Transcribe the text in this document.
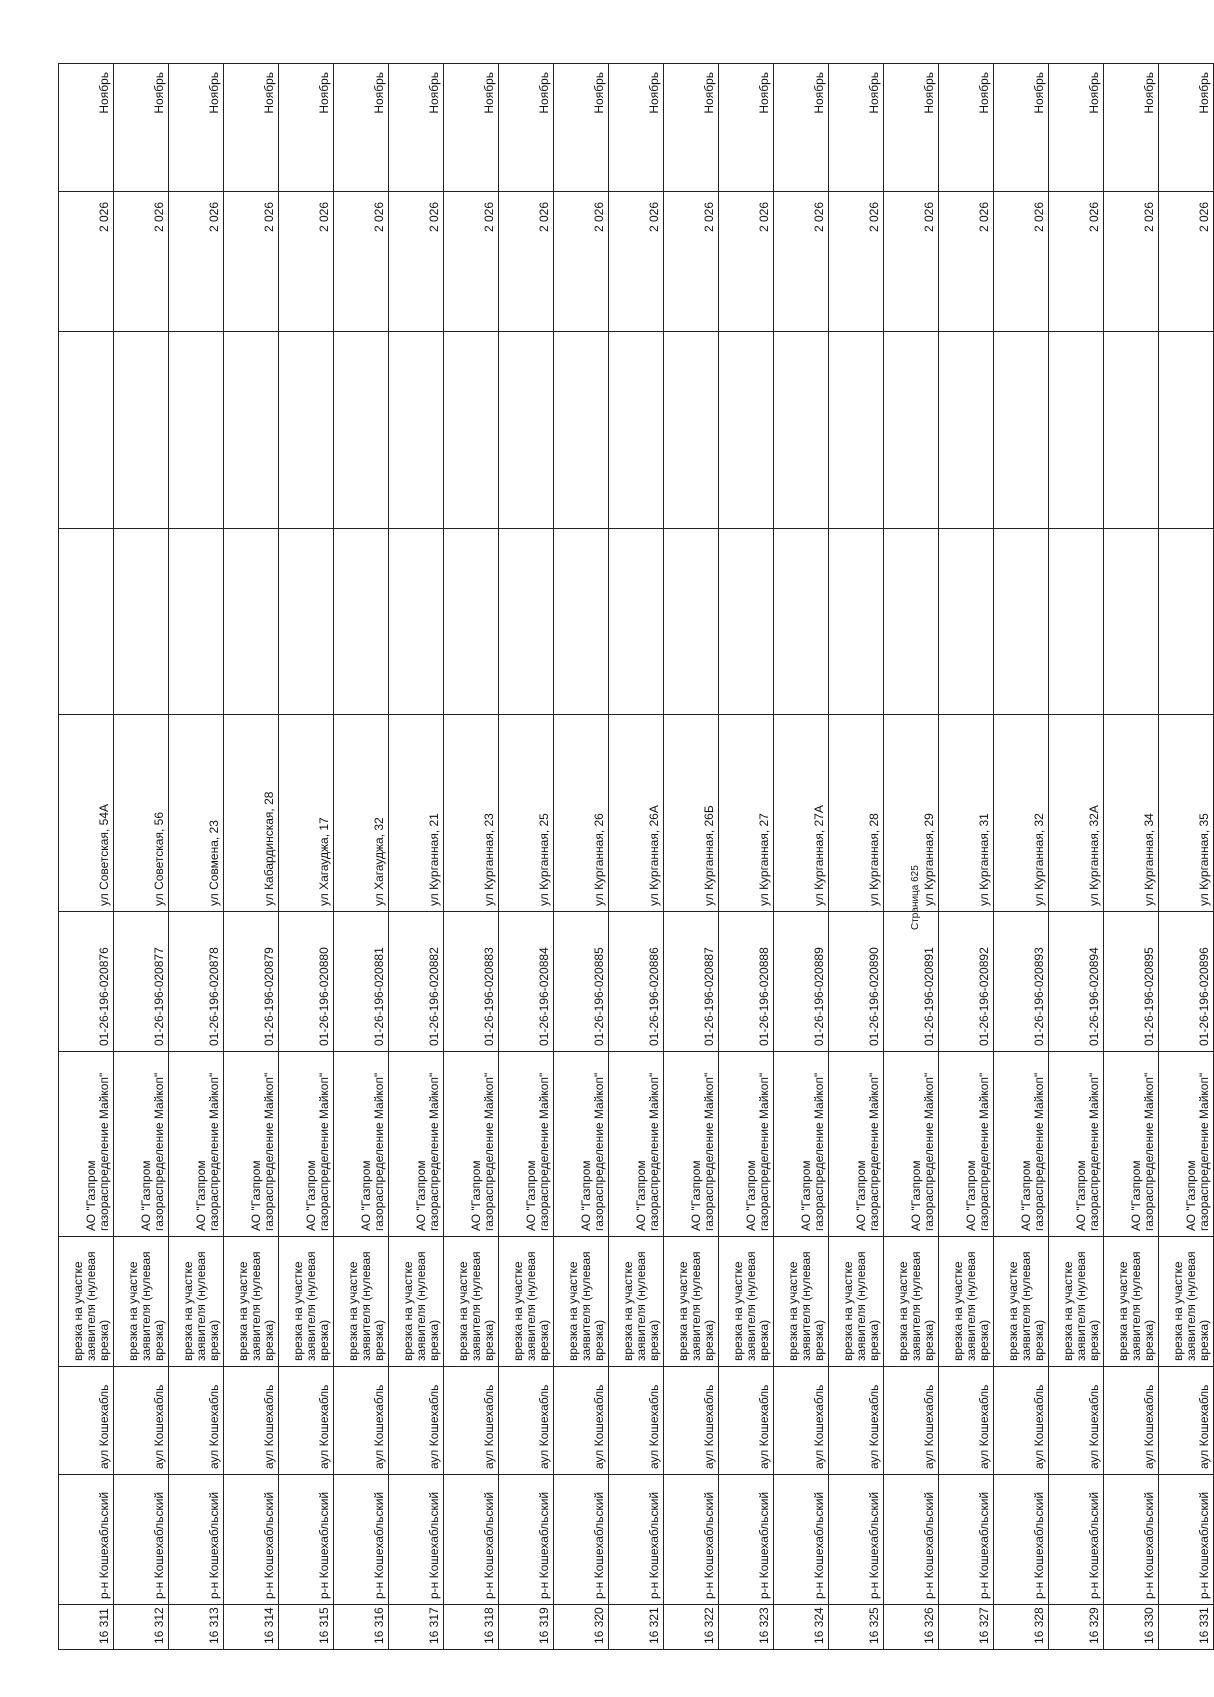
16 311	р-н Кошехабльский	аул Кошехабль	врезка на участке заявителя (нулевая врезка)	АО "Газпром газораспределение Майкоп"	01-26-196-020876	ул Советская, 54А			2 026	Ноябрь
16 312	р-н Кошехабльский	аул Кошехабль	врезка на участке заявителя (нулевая врезка)	АО "Газпром газораспределение Майкоп"	01-26-196-020877	ул Советская, 56			2 026	Ноябрь
16 313	р-н Кошехабльский	аул Кошехабль	врезка на участке заявителя (нулевая врезка)	АО "Газпром газораспределение Майкоп"	01-26-196-020878	ул Совмена, 23			2 026	Ноябрь
16 314	р-н Кошехабльский	аул Кошехабль	врезка на участке заявителя (нулевая врезка)	АО "Газпром газораспределение Майкоп"	01-26-196-020879	ул Кабардинская, 28			2 026	Ноябрь
16 315	р-н Кошехабльский	аул Кошехабль	врезка на участке заявителя (нулевая врезка)	АО "Газпром газораспределение Майкоп"	01-26-196-020880	ул Хагауджа, 17			2 026	Ноябрь
16 316	р-н Кошехабльский	аул Кошехабль	врезка на участке заявителя (нулевая врезка)	АО "Газпром газораспределение Майкоп"	01-26-196-020881	ул Хагауджа, 32			2 026	Ноябрь
16 317	р-н Кошехабльский	аул Кошехабль	врезка на участке заявителя (нулевая врезка)	АО "Газпром газораспределение Майкоп"	01-26-196-020882	ул Курганная, 21			2 026	Ноябрь
16 318	р-н Кошехабльский	аул Кошехабль	врезка на участке заявителя (нулевая врезка)	АО "Газпром газораспределение Майкоп"	01-26-196-020883	ул Курганная, 23			2 026	Ноябрь
16 319	р-н Кошехабльский	аул Кошехабль	врезка на участке заявителя (нулевая врезка)	АО "Газпром газораспределение Майкоп"	01-26-196-020884	ул Курганная, 25			2 026	Ноябрь
16 320	р-н Кошехабльский	аул Кошехабль	врезка на участке заявителя (нулевая врезка)	АО "Газпром газораспределение Майкоп"	01-26-196-020885	ул Курганная, 26			2 026	Ноябрь
16 321	р-н Кошехабльский	аул Кошехабль	врезка на участке заявителя (нулевая врезка)	АО "Газпром газораспределение Майкоп"	01-26-196-020886	ул Курганная, 26А			2 026	Ноябрь
16 322	р-н Кошехабльский	аул Кошехабль	врезка на участке заявителя (нулевая врезка)	АО "Газпром газораспределение Майкоп"	01-26-196-020887	ул Курганная, 26Б			2 026	Ноябрь
16 323	р-н Кошехабльский	аул Кошехабль	врезка на участке заявителя (нулевая врезка)	АО "Газпром газораспределение Майкоп"	01-26-196-020888	ул Курганная, 27			2 026	Ноябрь
16 324	р-н Кошехабльский	аул Кошехабль	врезка на участке заявителя (нулевая врезка)	АО "Газпром газораспределение Майкоп"	01-26-196-020889	ул Курганная, 27А			2 026	Ноябрь
16 325	р-н Кошехабльский	аул Кошехабль	врезка на участке заявителя (нулевая врезка)	АО "Газпром газораспределение Майкоп"	01-26-196-020890	ул Курганная, 28			2 026	Ноябрь
16 326	р-н Кошехабльский	аул Кошехабль	врезка на участке заявителя (нулевая врезка)	АО "Газпром газораспределение Майкоп"	01-26-196-020891	ул Курганная, 29			2 026	Ноябрь
16 327	р-н Кошехабльский	аул Кошехабль	врезка на участке заявителя (нулевая врезка)	АО "Газпром газораспределение Майкоп"	01-26-196-020892	ул Курганная, 31			2 026	Ноябрь
16 328	р-н Кошехабльский	аул Кошехабль	врезка на участке заявителя (нулевая врезка)	АО "Газпром газораспределение Майкоп"	01-26-196-020893	ул Курганная, 32			2 026	Ноябрь
16 329	р-н Кошехабльский	аул Кошехабль	врезка на участке заявителя (нулевая врезка)	АО "Газпром газораспределение Майкоп"	01-26-196-020894	ул Курганная, 32А			2 026	Ноябрь
16 330	р-н Кошехабльский	аул Кошехабль	врезка на участке заявителя (нулевая врезка)	АО "Газпром газораспределение Майкоп"	01-26-196-020895	ул Курганная, 34			2 026	Ноябрь
16 331	р-н Кошехабльский	аул Кошехабль	врезка на участке заявителя (нулевая врезка)	АО "Газпром газораспределение Майкоп"	01-26-196-020896	ул Курганная, 35			2 026	Ноябрь
Страница 625
